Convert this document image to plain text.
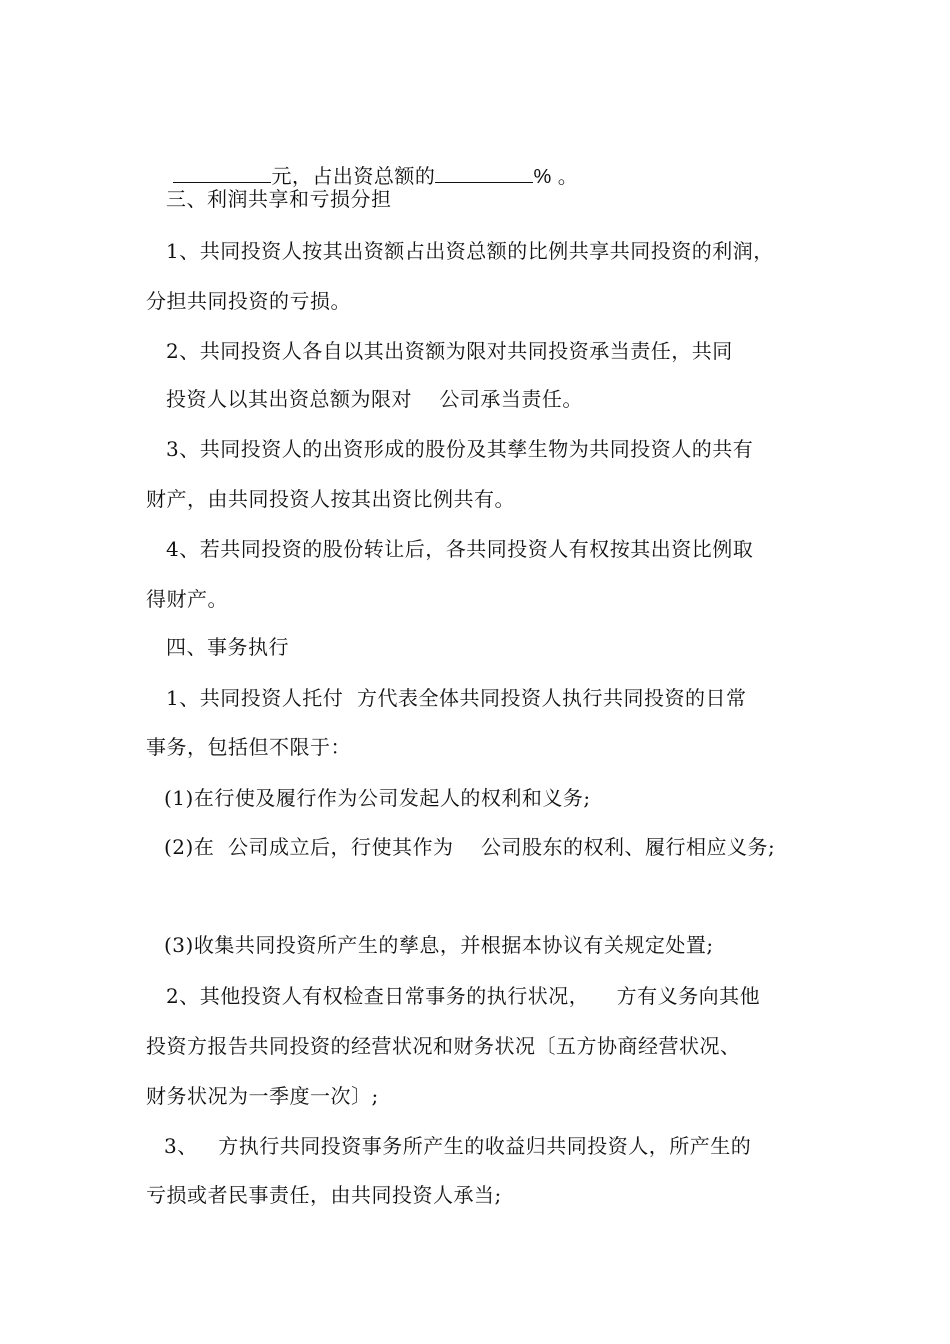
元，占出资总额的	% 。

三、利润共享和亏损分担
1、共同投资人按其出资额占出资总额的比例共享共同投资的利润，
分担共同投资的亏损。
2、共同投资人各自以其出资额为限对共同投资承当责任，共同
投资人以其出资总额为限对    公司承当责任。
3、共同投资人的出资形成的股份及其孳生物为共同投资人的共有
财产，由共同投资人按其出资比例共有。
4、若共同投资的股份转让后，各共同投资人有权按其出资比例取
得财产。
四、事务执行
1、共同投资人托付  方代表全体共同投资人执行共同投资的日常
事务，包括但不限于：
(1)在行使及履行作为公司发起人的权利和义务;
(2)在  公司成立后，行使其作为    公司股东的权利、履行相应义务;
(3)收集共同投资所产生的孳息，并根据本协议有关规定处置;
2、其他投资人有权检查日常事务的执行状况，    方有义务向其他
投资方报告共同投资的经营状况和财务状况〔五方协商经营状况、
财务状况为一季度一次〕;
3、   方执行共同投资事务所产生的收益归共同投资人，所产生的
亏损或者民事责任，由共同投资人承当;
